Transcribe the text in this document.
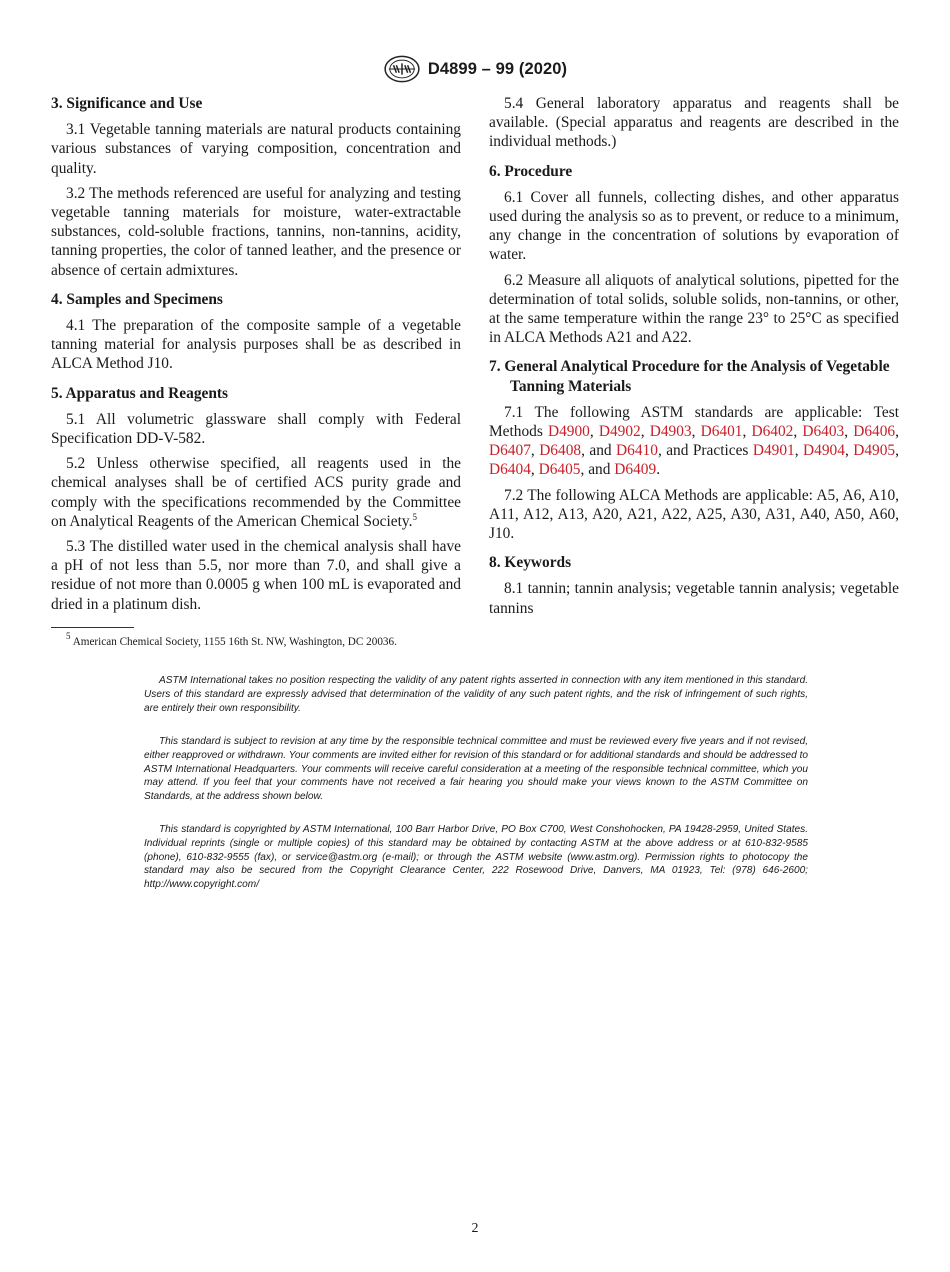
D4899 – 99 (2020)

3. Significance and Use

3.1 Vegetable tanning materials are natural products containing various substances of varying composition, concentration and quality.

3.2 The methods referenced are useful for analyzing and testing vegetable tanning materials for moisture, water-extractable substances, cold-soluble fractions, tannins, non-tannins, acidity, tanning properties, the color of tanned leather, and the presence or absence of certain admixtures.

4. Samples and Specimens

4.1 The preparation of the composite sample of a vegetable tanning material for analysis purposes shall be as described in ALCA Method J10.

5. Apparatus and Reagents

5.1 All volumetric glassware shall comply with Federal Specification DD-V-582.

5.2 Unless otherwise specified, all reagents used in the chemical analyses shall be of certified ACS purity grade and comply with the specifications recommended by the Committee on Analytical Reagents of the American Chemical Society.$^5$

5.3 The distilled water used in the chemical analysis shall have a pH of not less than 5.5, nor more than 7.0, and shall give a residue of not more than 0.0005 g when 100 mL is evaporated and dried in a platinum dish.

$^5$ American Chemical Society, 1155 16th St. NW, Washington, DC 20036.

5.4 General laboratory apparatus and reagents shall be available. (Special apparatus and reagents are described in the individual methods.)

6. Procedure

6.1 Cover all funnels, collecting dishes, and other apparatus used during the analysis so as to prevent, or reduce to a minimum, any change in the concentration of solutions by evaporation of water.

6.2 Measure all aliquots of analytical solutions, pipetted for the determination of total solids, soluble solids, non-tannins, or other, at the same temperature within the range 23° to 25°C as specified in ALCA Methods A21 and A22.

7. General Analytical Procedure for the Analysis of Vegetable Tanning Materials

7.1 The following ASTM standards are applicable: Test Methods D4900, D4902, D4903, D6401, D6402, D6403, D6406, D6407, D6408, and D6410, and Practices D4901, D4904, D4905, D6404, D6405, and D6409.

7.2 The following ALCA Methods are applicable: A5, A6, A10, A11, A12, A13, A20, A21, A22, A25, A30, A31, A40, A50, A60, J10.

8. Keywords

8.1 tannin; tannin analysis; vegetable tannin analysis; vegetable tannins

ASTM International takes no position respecting the validity of any patent rights asserted in connection with any item mentioned in this standard. Users of this standard are expressly advised that determination of the validity of any such patent rights, and the risk of infringement of such rights, are entirely their own responsibility.

This standard is subject to revision at any time by the responsible technical committee and must be reviewed every five years and if not revised, either reapproved or withdrawn. Your comments are invited either for revision of this standard or for additional standards and should be addressed to ASTM International Headquarters. Your comments will receive careful consideration at a meeting of the responsible technical committee, which you may attend. If you feel that your comments have not received a fair hearing you should make your views known to the ASTM Committee on Standards, at the address shown below.

This standard is copyrighted by ASTM International, 100 Barr Harbor Drive, PO Box C700, West Conshohocken, PA 19428-2959, United States. Individual reprints (single or multiple copies) of this standard may be obtained by contacting ASTM at the above address or at 610-832-9585 (phone), 610-832-9555 (fax), or service@astm.org (e-mail); or through the ASTM website (www.astm.org). Permission rights to photocopy the standard may also be secured from the Copyright Clearance Center, 222 Rosewood Drive, Danvers, MA 01923, Tel: (978) 646-2600; http://www.copyright.com/

2
